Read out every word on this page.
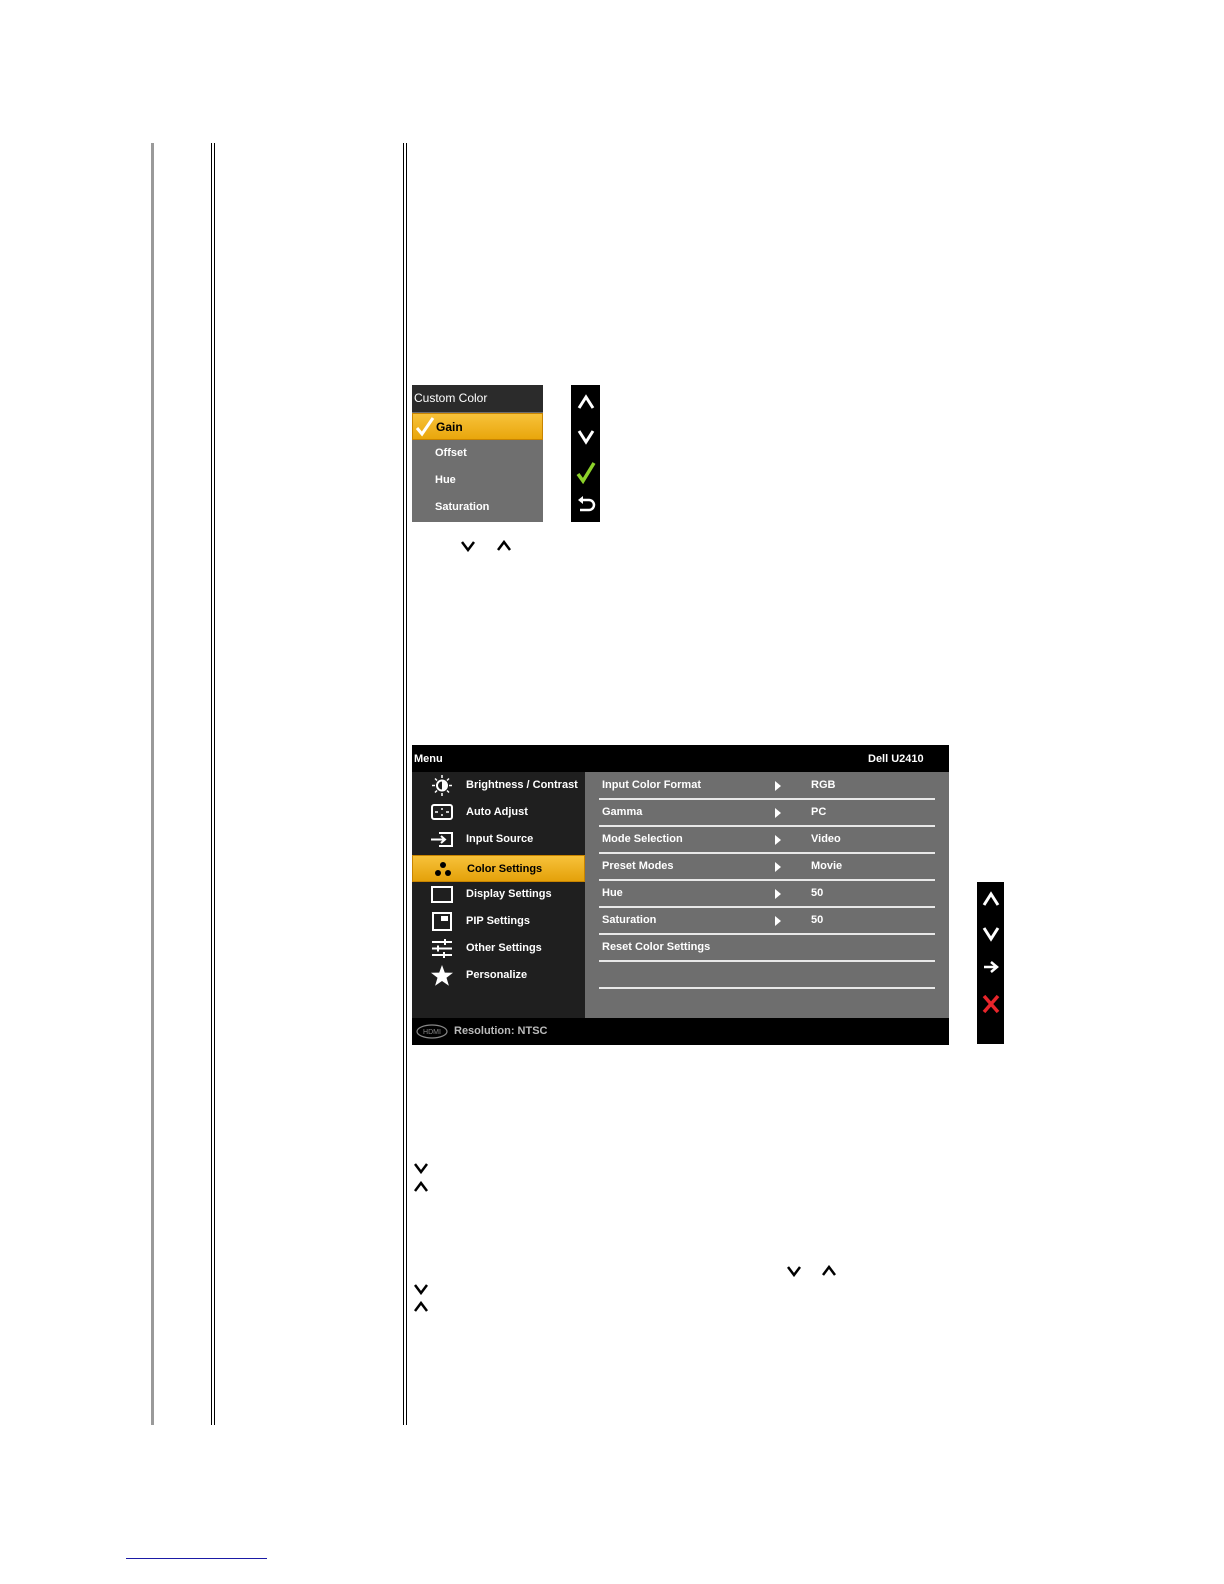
Custom Color
Gain
Offset
Hue
Saturation
Menu	Dell U2410
Brightness / Contrast
Auto Adjust
Input Source
Color Settings
Display Settings
PIP Settings
Other Settings
Personalize
Input Color Format	RGB
Gamma	PC
Mode Selection	Video
Preset Modes	Movie
Hue	50
Saturation	50
Reset Color Settings
HDMI Resolution: NTSC
